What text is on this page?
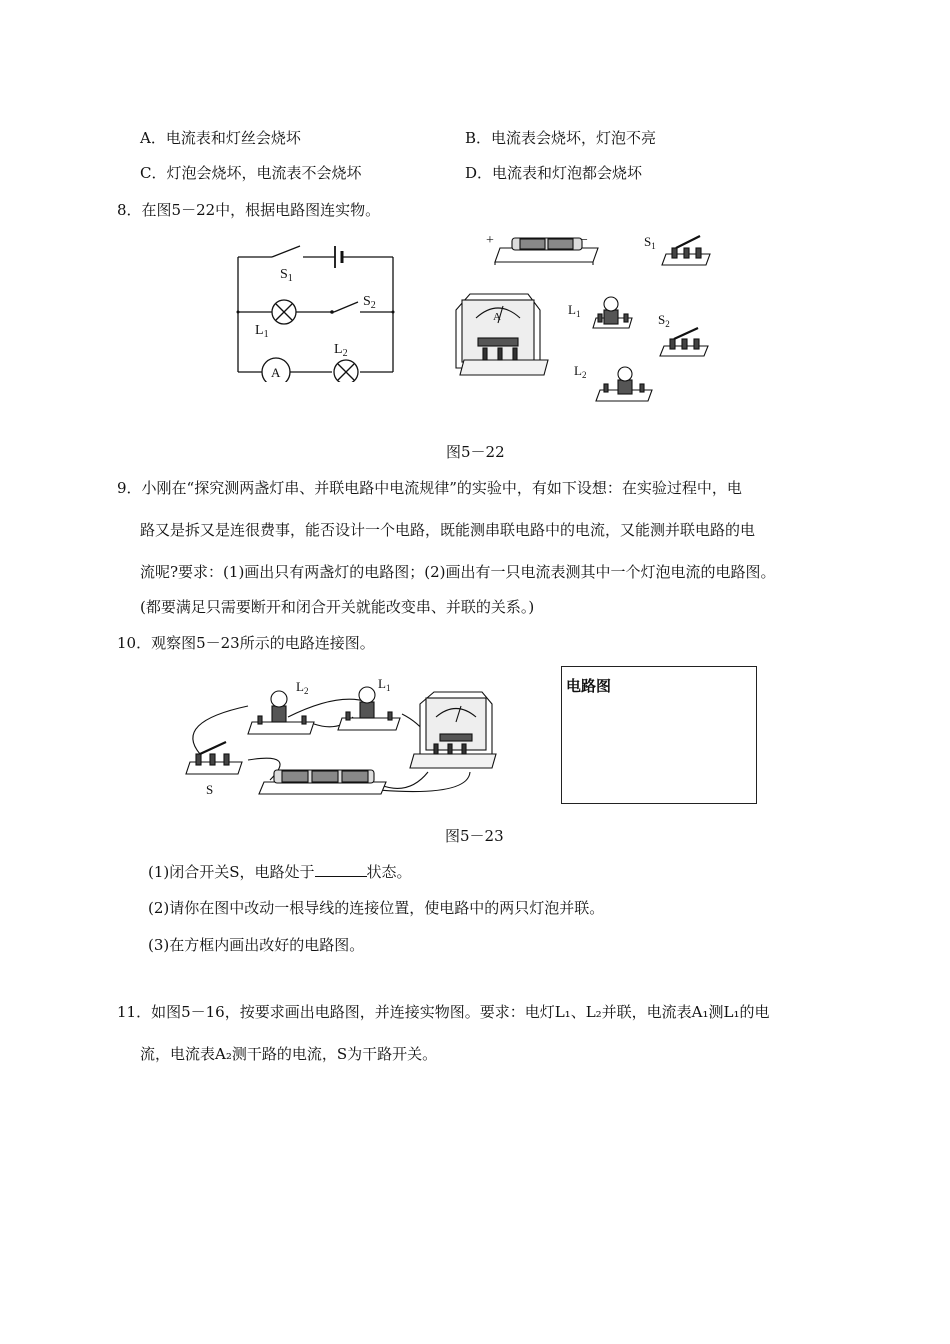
A．电流表和灯丝会烧坏	B．电流表会烧坏，灯泡不亮
C．灯泡会烧坏，电流表不会烧坏	D．电流表和灯泡都会烧坏
8．在图5－22中，根据电路图连实物。
$S_1$
$S_2$
$L_1$
$L_2$
A
A
+	−	$S_1$
$L_1$	$S_2$
$L_2$
图5－22
9．小刚在“探究测两盏灯串、并联电路中电流规律”的实验中，有如下设想：在实验过程中，电
路又是拆又是连很费事，能否设计一个电路，既能测串联电路中的电流，又能测并联电路的电
流呢?要求：(1)画出只有两盏灯的电路图；(2)画出有一只电流表测其中一个灯泡电流的电路图。
(都要满足只需要断开和闭合开关就能改变串、并联的关系。)
10．观察图5－23所示的电路连接图。
$L_2$	$L_1$
S
电路图
图5－23
(1)闭合开关S，电路处于	状态。
(2)请你在图中改动一根导线的连接位置，使电路中的两只灯泡并联。
(3)在方框内画出改好的电路图。
11．如图5－16，按要求画出电路图，并连接实物图。要求：电灯L₁、L₂并联，电流表A₁测L₁的电
流，电流表A₂测干路的电流，S为干路开关。
